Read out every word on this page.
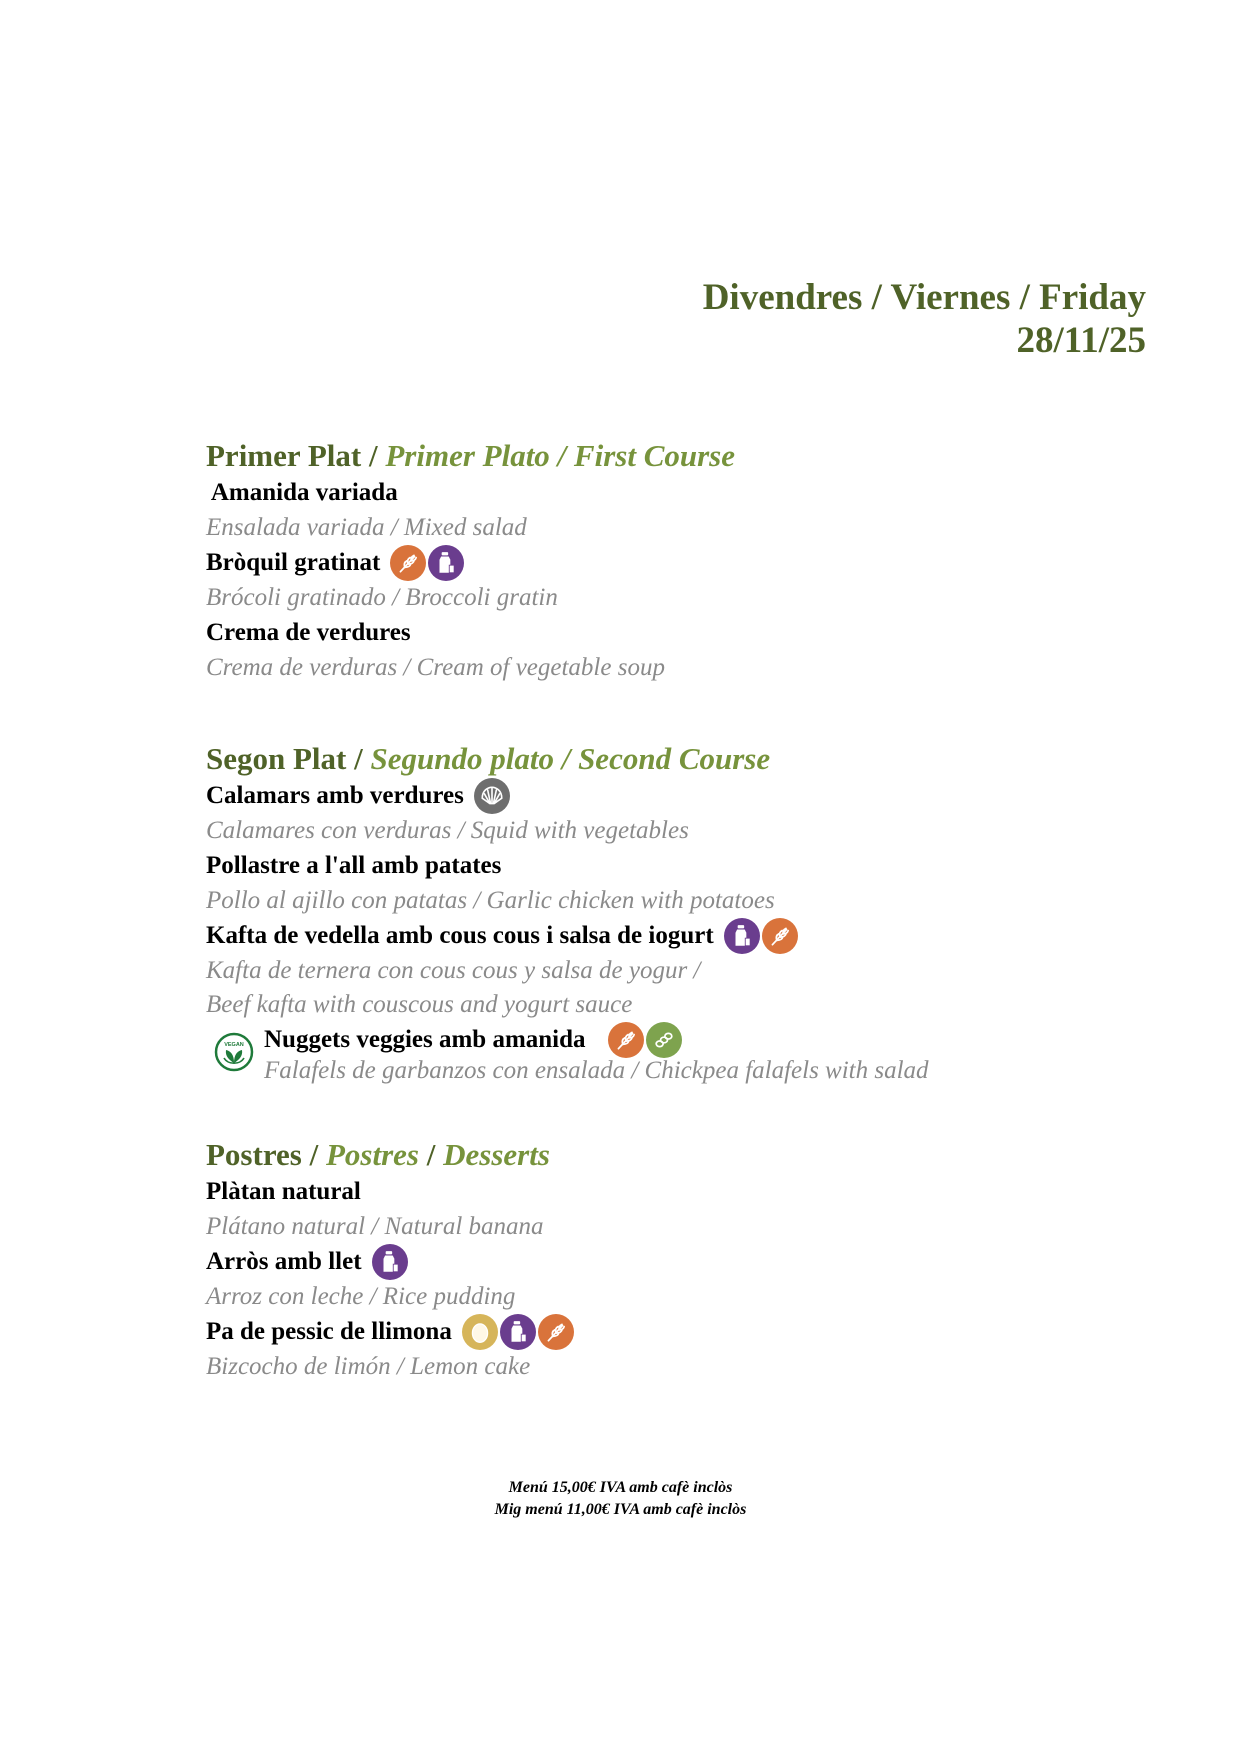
Divendres / Viernes / Friday
28/11/25
Primer Plat / Primer Plato / First Course
Amanida variada
Ensalada variada / Mixed salad
Bròquil gratinat
Brócoli gratinado / Broccoli gratin
Crema de verdures
Crema de verduras / Cream of vegetable soup
Segon Plat / Segundo plato / Second Course
Calamars amb verdures
Calamares con verduras / Squid with vegetables
Pollastre a l'all amb patates
Pollo al ajillo con patatas / Garlic chicken with potatoes
Kafta de vedella amb cous cous i salsa de iogurt
Kafta de ternera con cous cous y salsa de yogur /
Beef kafta with couscous and yogurt sauce
VEGAN Nuggets veggies amb amanida
Falafels de garbanzos con ensalada / Chickpea falafels with salad
Postres / Postres / Desserts
Plàtan natural
Plátano natural / Natural banana
Arròs amb llet
Arroz con leche / Rice pudding
Pa de pessic de llimona
Bizcocho de limón / Lemon cake
Menú 15,00€ IVA amb cafè inclòs
Mig menú 11,00€ IVA amb cafè inclòs
